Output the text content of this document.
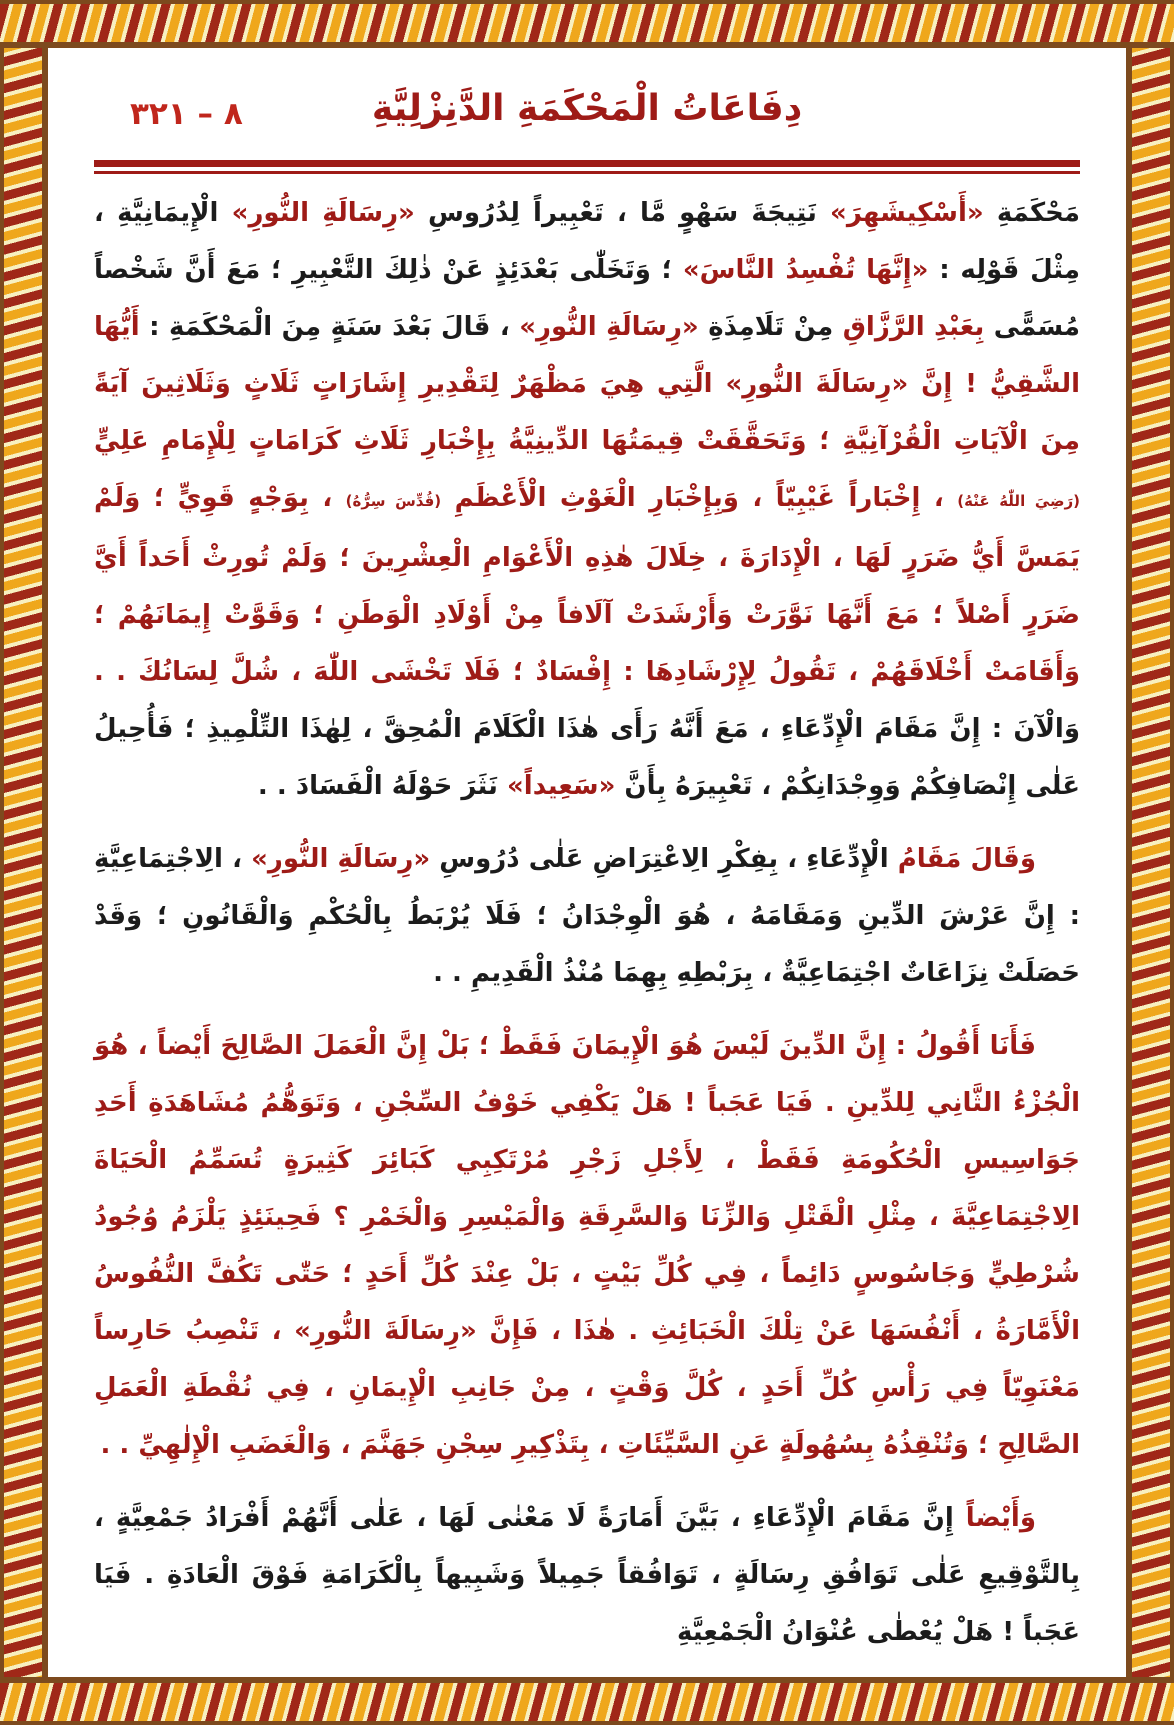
٨ – ٣٢١	دِفَاعَاتُ الْمَحْكَمَةِ الدَّنِزْلِيَّةِ

مَحْكَمَةِ «أَسْكِيشَهِرَ» نَتِيجَةَ سَهْوٍ مَّا ، تَعْبِيراً لِدُرُوسِ «رِسَالَةِ النُّورِ» الْإِيمَانِيَّةِ ، مِثْلَ قَوْلِه : «إِنَّهَا تُفْسِدُ النَّاسَ» ؛ وَتَخَلّٰى بَعْدَئِذٍ عَنْ ذٰلِكَ التَّعْبِيرِ ؛ مَعَ أَنَّ شَخْصاً مُسَمًّى بِعَبْدِ الرَّزَّاقِ مِنْ تَلَامِذَةِ «رِسَالَةِ النُّورِ» ، قَالَ بَعْدَ سَنَةٍ مِنَ الْمَحْكَمَةِ : أَيُّهَا الشَّقِيُّ ! إِنَّ «رِسَالَةَ النُّورِ» الَّتِي هِيَ مَظْهَرٌ لِتَقْدِيرِ إِشَارَاتٍ ثَلَاثٍ وَثَلَاثِينَ آيَةً مِنَ الْآيَاتِ الْقُرْآنِيَّةِ ؛ وَتَحَقَّقَتْ قِيمَتُهَا الدِّينِيَّةُ بِإِخْبَارِ ثَلَاثِ كَرَامَاتٍ لِلْإِمَامِ عَلِيٍّ (رَضِيَ اللّٰهُ عَنْهُ) ، إِخْبَاراً غَيْبِيّاً ، وَبِإِخْبَارِ الْغَوْثِ الْأَعْظَمِ (قُدِّسَ سِرُّهُ) ، بِوَجْهٍ قَوِيٍّ ؛ وَلَمْ يَمَسَّ أَيُّ ضَرَرٍ لَهَا ، الْإِدَارَةَ ، خِلَالَ هٰذِهِ الْأَعْوَامِ الْعِشْرِينَ ؛ وَلَمْ تُورِثْ أَحَداً أَيَّ ضَرَرٍ أَصْلاً ؛ مَعَ أَنَّهَا نَوَّرَتْ وَأَرْشَدَتْ آلَافاً مِنْ أَوْلَادِ الْوَطَنِ ؛ وَقَوَّتْ إِيمَانَهُمْ ؛ وَأَقَامَتْ أَخْلَاقَهُمْ ، تَقُولُ لِإِرْشَادِهَا : إِفْسَادٌ ؛ فَلَا تَخْشَى اللّٰهَ ، شُلَّ لِسَانُكَ . . وَالْآنَ : إِنَّ مَقَامَ الْإِدِّعَاءِ ، مَعَ أَنَّهُ رَأَى هٰذَا الْكَلَامَ الْمُحِقَّ ، لِهٰذَا التِّلْمِيذِ ؛ فَأُحِيلُ عَلٰى إِنْصَافِكُمْ وَوِجْدَانِكُمْ ، تَعْبِيرَهُ بِأَنَّ «سَعِيداً» نَثَرَ حَوْلَهُ الْفَسَادَ . .

وَقَالَ مَقَامُ الْإِدِّعَاءِ ، بِفِكْرِ الِاعْتِرَاضِ عَلٰى دُرُوسِ «رِسَالَةِ النُّورِ» ، الِاجْتِمَاعِيَّةِ : إِنَّ عَرْشَ الدِّينِ وَمَقَامَهُ ، هُوَ الْوِجْدَانُ ؛ فَلَا يُرْبَطُ بِالْحُكْمِ وَالْقَانُونِ ؛ وَقَدْ حَصَلَتْ نِزَاعَاتٌ اجْتِمَاعِيَّةٌ ، بِرَبْطِهِ بِهِمَا مُنْذُ الْقَدِيمِ . .

فَأَنَا أَقُولُ : إِنَّ الدِّينَ لَيْسَ هُوَ الْإِيمَانَ فَقَطْ ؛ بَلْ إِنَّ الْعَمَلَ الصَّالِحَ أَيْضاً ، هُوَ الْجُزْءُ الثَّانِي لِلدِّينِ . فَيَا عَجَباً ! هَلْ يَكْفِي خَوْفُ السِّجْنِ ، وَتَوَهُّمُ مُشَاهَدَةِ أَحَدِ جَوَاسِيسِ الْحُكُومَةِ فَقَطْ ، لِأَجْلِ زَجْرِ مُرْتَكِبِي كَبَائِرَ كَثِيرَةٍ تُسَمِّمُ الْحَيَاةَ الِاجْتِمَاعِيَّةَ ، مِثْلِ الْقَتْلِ وَالزِّنَا وَالسَّرِقَةِ وَالْمَيْسِرِ وَالْخَمْرِ ؟ فَحِينَئِذٍ يَلْزَمُ وُجُودُ شُرْطِيٍّ وَجَاسُوسٍ دَائِماً ، فِي كُلِّ بَيْتٍ ، بَلْ عِنْدَ كُلِّ أَحَدٍ ؛ حَتّٰى تَكُفَّ النُّفُوسُ الْأَمَّارَةُ ، أَنْفُسَهَا عَنْ تِلْكَ الْخَبَائِثِ . هٰذَا ، فَإِنَّ «رِسَالَةَ النُّورِ» ، تَنْصِبُ حَارِساً مَعْنَوِيّاً فِي رَأْسِ كُلِّ أَحَدٍ ، كُلَّ وَقْتٍ ، مِنْ جَانِبِ الْإِيمَانِ ، فِي نُقْطَةِ الْعَمَلِ الصَّالِحِ ؛ وَتُنْقِذُهُ بِسُهُولَةٍ عَنِ السَّيِّئَاتِ ، بِتَذْكِيرِ سِجْنِ جَهَنَّمَ ، وَالْغَضَبِ الْإِلٰهِيِّ . .

وَأَيْضاً إِنَّ مَقَامَ الْإِدِّعَاءِ ، بَيَّنَ أَمَارَةً لَا مَعْنٰى لَهَا ، عَلٰى أَنَّهُمْ أَفْرَادُ جَمْعِيَّةٍ ، بِالتَّوْقِيعِ عَلٰى تَوَافُقِ رِسَالَةٍ ، تَوَافُقاً جَمِيلاً وَشَبِيهاً بِالْكَرَامَةِ فَوْقَ الْعَادَةِ . فَيَا عَجَباً ! هَلْ يُعْطٰى عُنْوَانُ الْجَمْعِيَّةِ
